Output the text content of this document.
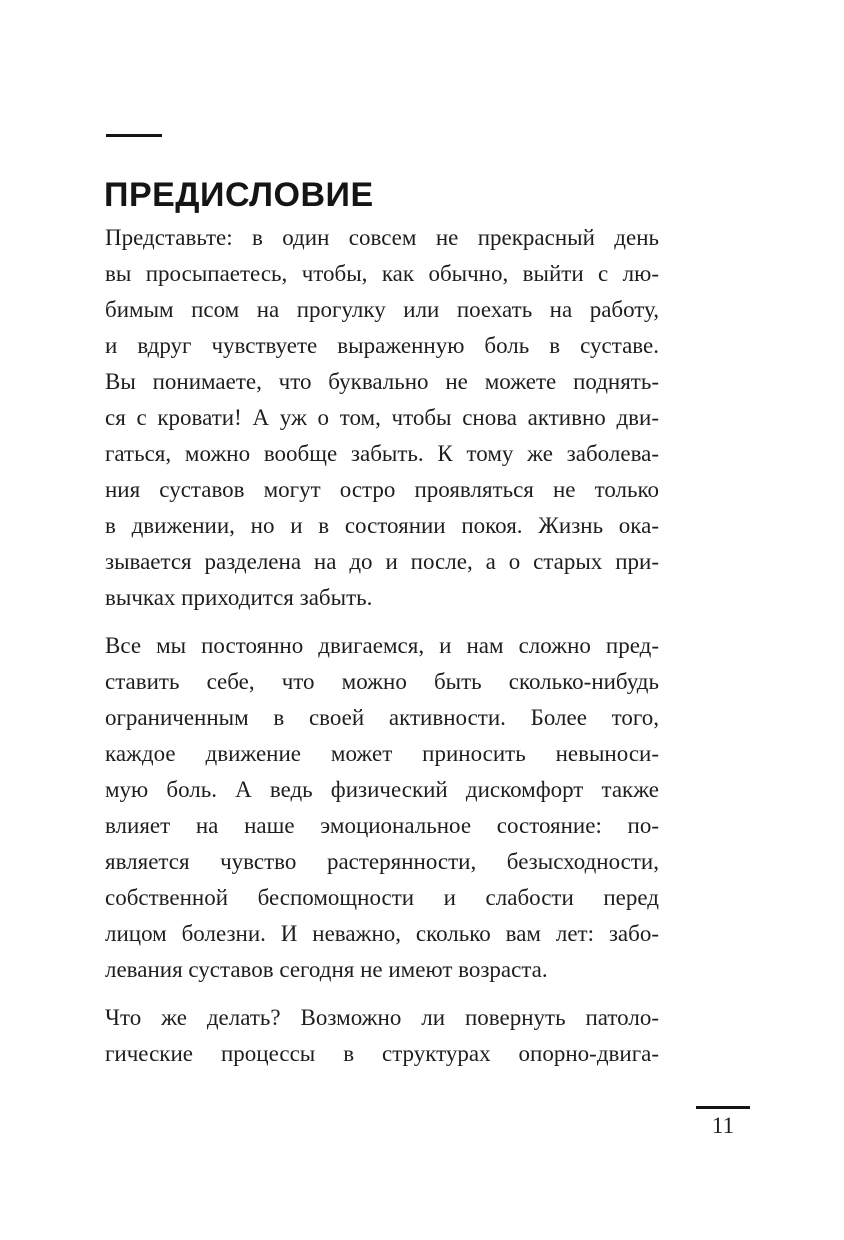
ПРЕДИСЛОВИЕ
Представьте: в один совсем не прекрасный день
вы просыпаетесь, чтобы, как обычно, выйти с лю-
бимым псом на прогулку или поехать на работу,
и вдруг чувствуете выраженную боль в суставе.
Вы понимаете, что буквально не можете поднять-
ся с кровати! А уж о том, чтобы снова активно дви-
гаться, можно вообще забыть. К тому же заболева-
ния суставов могут остро проявляться не только
в движении, но и в состоянии покоя. Жизнь ока-
зывается разделена на до и после, а о старых при-
вычках приходится забыть.
Все мы постоянно двигаемся, и нам сложно пред-
ставить себе, что можно быть сколько-нибудь
ограниченным в своей активности. Более того,
каждое движение может приносить невыноси-
мую боль. А ведь физический дискомфорт также
влияет на наше эмоциональное состояние: по-
является чувство растерянности, безысходности,
собственной беспомощности и слабости перед
лицом болезни. И неважно, сколько вам лет: забо-
левания суставов сегодня не имеют возраста.
Что же делать? Возможно ли повернуть патоло-
гические процессы в структурах опорно-двига-
11
